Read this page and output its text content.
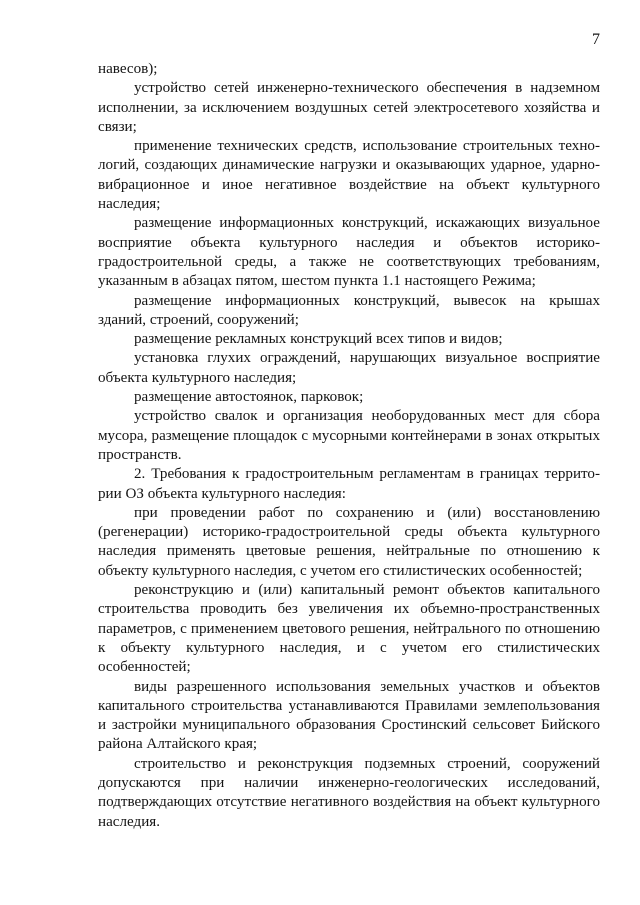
7

навесов);

устройство сетей инженерно-технического обеспечения в надземном исполнении, за исключением воздушных сетей электросетевого хозяйства и связи;

применение технических средств, использование строительных технологий, создающих динамические нагрузки и оказывающих ударное, ударно-вибрационное и иное негативное воздействие на объект культурного наследия;

размещение информационных конструкций, искажающих визуальное восприятие объекта культурного наследия и объектов историко-градостроительной среды, а также не соответствующих требованиям, указанным в абзацах пятом, шестом пункта 1.1 настоящего Режима;

размещение информационных конструкций, вывесок на крышах зданий, строений, сооружений;

размещение рекламных конструкций всех типов и видов;

установка глухих ограждений, нарушающих визуальное восприятие объекта культурного наследия;

размещение автостоянок, парковок;

устройство свалок и организация необорудованных мест для сбора мусора, размещение площадок с мусорными контейнерами в зонах открытых пространств.

2. Требования к градостроительным регламентам в границах территории ОЗ объекта культурного наследия:

при проведении работ по сохранению и (или) восстановлению (регенерации) историко-градостроительной среды объекта культурного наследия применять цветовые решения, нейтральные по отношению к объекту культурного наследия, с учетом его стилистических особенностей;

реконструкцию и (или) капитальный ремонт объектов капитального строительства проводить без увеличения их объемно-пространственных параметров, с применением цветового решения, нейтрального по отношению к объекту культурного наследия, и с учетом его стилистических особенностей;

виды разрешенного использования земельных участков и объектов капитального строительства устанавливаются Правилами землепользования и застройки муниципального образования Сростинский сельсовет Бийского района Алтайского края;

строительство и реконструкция подземных строений, сооружений допускаются при наличии инженерно-геологических исследований, подтверждающих отсутствие негативного воздействия на объект культурного наследия.
